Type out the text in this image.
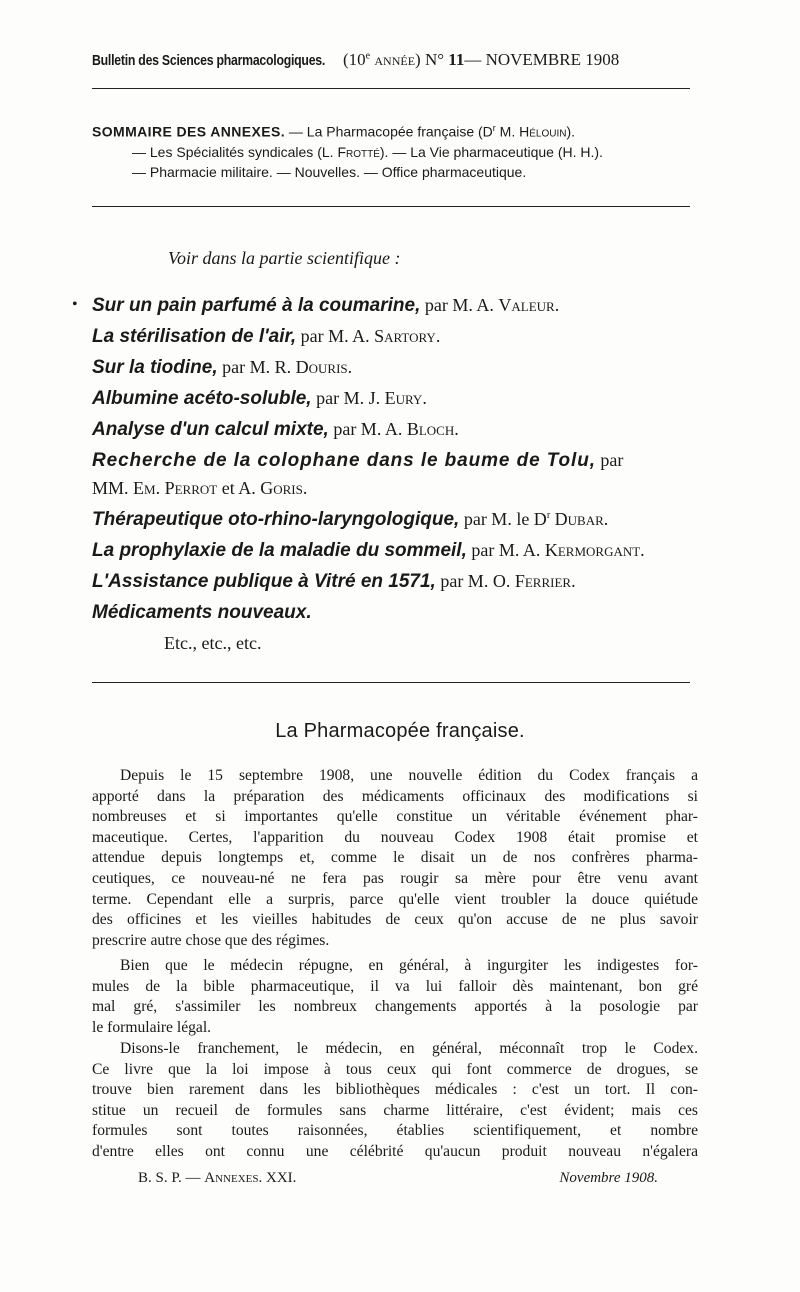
Bulletin des Sciences pharmacologiques. (10e année) N° 11— NOVEMBRE 1908
SOMMAIRE DES ANNEXES. — La Pharmacopée française ($D^r$ M. Hélouin).
— Les Spécialités syndicales (L. Frotté). — La Vie pharmaceutique (H. H.).
— Pharmacie militaire. — Nouvelles. — Office pharmaceutique.
Voir dans la partie scientifique :
• Sur un pain parfumé à la coumarine, par M. A. Valeur.
La stérilisation de l'air, par M. A. Sartory.
Sur la tiodine, par M. R. Douris.
Albumine acéto-soluble, par M. J. Eury.
Analyse d'un calcul mixte, par M. A. Bloch.
Recherche de la colophane dans le baume de Tolu, par
MM. Em. Perrot et A. Goris.
Thérapeutique oto-rhino-laryngologique, par M. le $D^r$ Dubar.
La prophylaxie de la maladie du sommeil, par M. A. Kermorgant.
L'Assistance publique à Vitré en 1571, par M. O. Ferrier.
Médicaments nouveaux.
Etc., etc., etc.
La Pharmacopée française.
Depuis le 15 septembre 1908, une nouvelle édition du Codex français a
apporté dans la préparation des médicaments officinaux des modifications si
nombreuses et si importantes qu'elle constitue un véritable événement phar-
maceutique. Certes, l'apparition du nouveau Codex 1908 était promise et
attendue depuis longtemps et, comme le disait un de nos confrères pharma-
ceutiques, ce nouveau-né ne fera pas rougir sa mère pour être venu avant
terme. Cependant elle a surpris, parce qu'elle vient troubler la douce quiétude
des officines et les vieilles habitudes de ceux qu'on accuse de ne plus savoir
prescrire autre chose que des régimes.
Bien que le médecin répugne, en général, à ingurgiter les indigestes for-
mules de la bible pharmaceutique, il va lui falloir dès maintenant, bon gré
mal gré, s'assimiler les nombreux changements apportés à la posologie par
le formulaire légal.
Disons-le franchement, le médecin, en général, méconnaît trop le Codex.
Ce livre que la loi impose à tous ceux qui font commerce de drogues, se
trouve bien rarement dans les bibliothèques médicales : c'est un tort. Il con-
stitue un recueil de formules sans charme littéraire, c'est évident; mais ces
formules sont toutes raisonnées, établies scientifiquement, et nombre
d'entre elles ont connu une célébrité qu'aucun produit nouveau n'égalera
B. S. P. — Annexes. XXI.	Novembre 1908.
